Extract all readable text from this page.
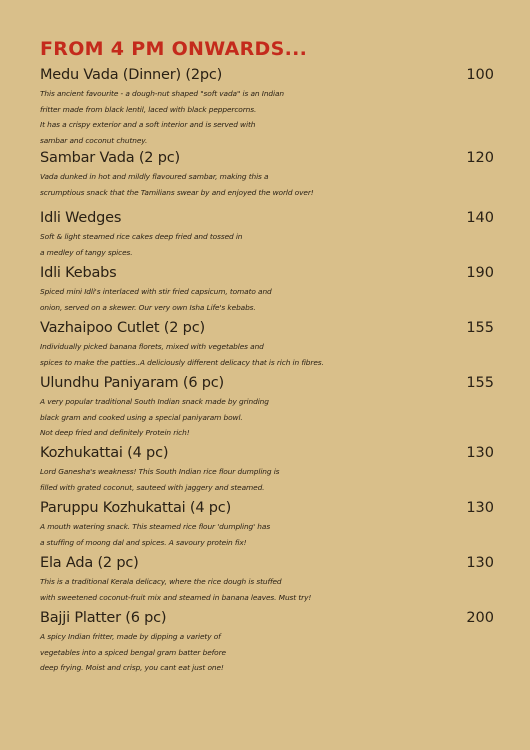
FROM 4 PM ONWARDS...
Medu Vada (Dinner) (2pc)	100
This ancient favourite - a dough-nut shaped "soft vada" is an Indian
fritter made from black lentil, laced with black peppercorns.
It has a crispy exterior and a soft interior and is served with
sambar and coconut chutney.
Sambar Vada (2 pc)	120
Vada dunked in hot and mildly flavoured sambar, making this a
scrumptious snack that the Tamilians swear by and enjoyed the world over!
Idli Wedges	140
Soft & light steamed rice cakes deep fried and tossed in
a medley of tangy spices.
Idli Kebabs	190
Spiced mini Idli's interlaced with stir fried capsicum, tomato and
onion, served on a skewer. Our very own Isha Life's kebabs.
Vazhaipoo Cutlet (2 pc)	155
Individually picked banana florets, mixed with vegetables and
spices to make the patties..A deliciously different delicacy that is rich in fibres.
Ulundhu Paniyaram (6 pc)	155
A very popular traditional South Indian snack made by grinding
black gram and cooked using a special paniyaram bowl.
Not deep fried and definitely Protein rich!
Kozhukattai (4 pc)	130
Lord Ganesha's weakness! This South Indian rice flour dumpling is
filled with grated coconut, sauteed with jaggery and steamed.
Paruppu Kozhukattai (4 pc)	130
A mouth watering snack. This steamed rice flour 'dumpling' has
a stuffing of moong dal and spices. A savoury protein fix!
Ela Ada (2 pc)	130
This is a traditional Kerala delicacy, where the rice dough is stuffed
with sweetened coconut-fruit mix and steamed in banana leaves. Must try!
Bajji Platter (6 pc)	200
A spicy Indian fritter, made by dipping a variety of
vegetables into a spiced bengal gram batter before
deep frying. Moist and crisp, you cant eat just one!
